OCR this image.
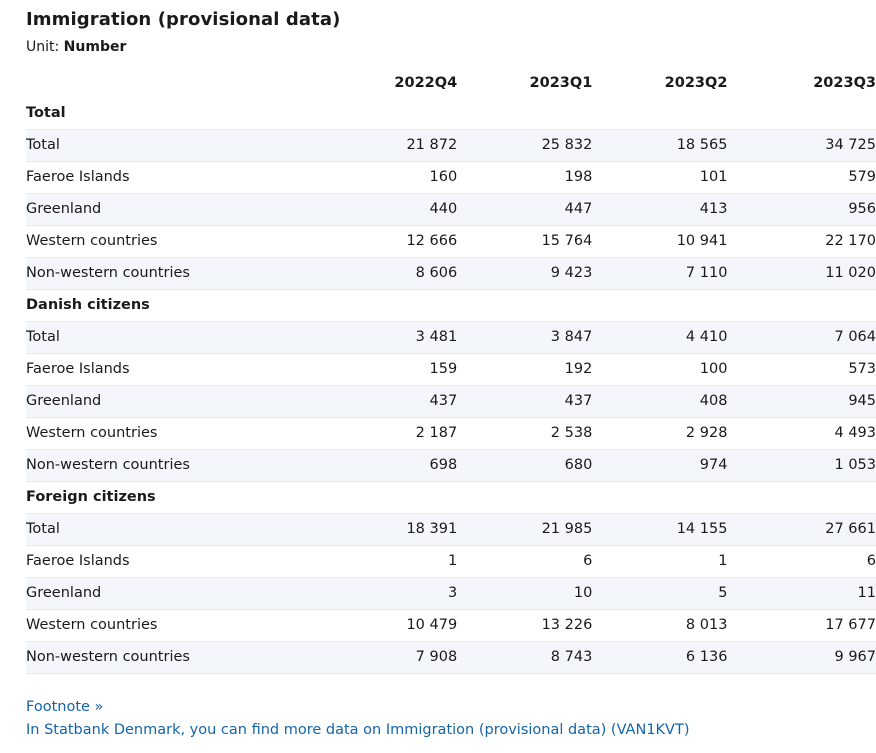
Immigration (provisional data)
Unit: Number
	2022Q4	2023Q1	2023Q2	2023Q3
Total				
Total	21 872	25 832	18 565	34 725
Faeroe Islands	160	198	101	579
Greenland	440	447	413	956
Western countries	12 666	15 764	10 941	22 170
Non-western countries	8 606	9 423	7 110	11 020
Danish citizens				
Total	3 481	3 847	4 410	7 064
Faeroe Islands	159	192	100	573
Greenland	437	437	408	945
Western countries	2 187	2 538	2 928	4 493
Non-western countries	698	680	974	1 053
Foreign citizens				
Total	18 391	21 985	14 155	27 661
Faeroe Islands	1	6	1	6
Greenland	3	10	5	11
Western countries	10 479	13 226	8 013	17 677
Non-western countries	7 908	8 743	6 136	9 967
Footnote »
In Statbank Denmark, you can find more data on Immigration (provisional data) (VAN1KVT)
